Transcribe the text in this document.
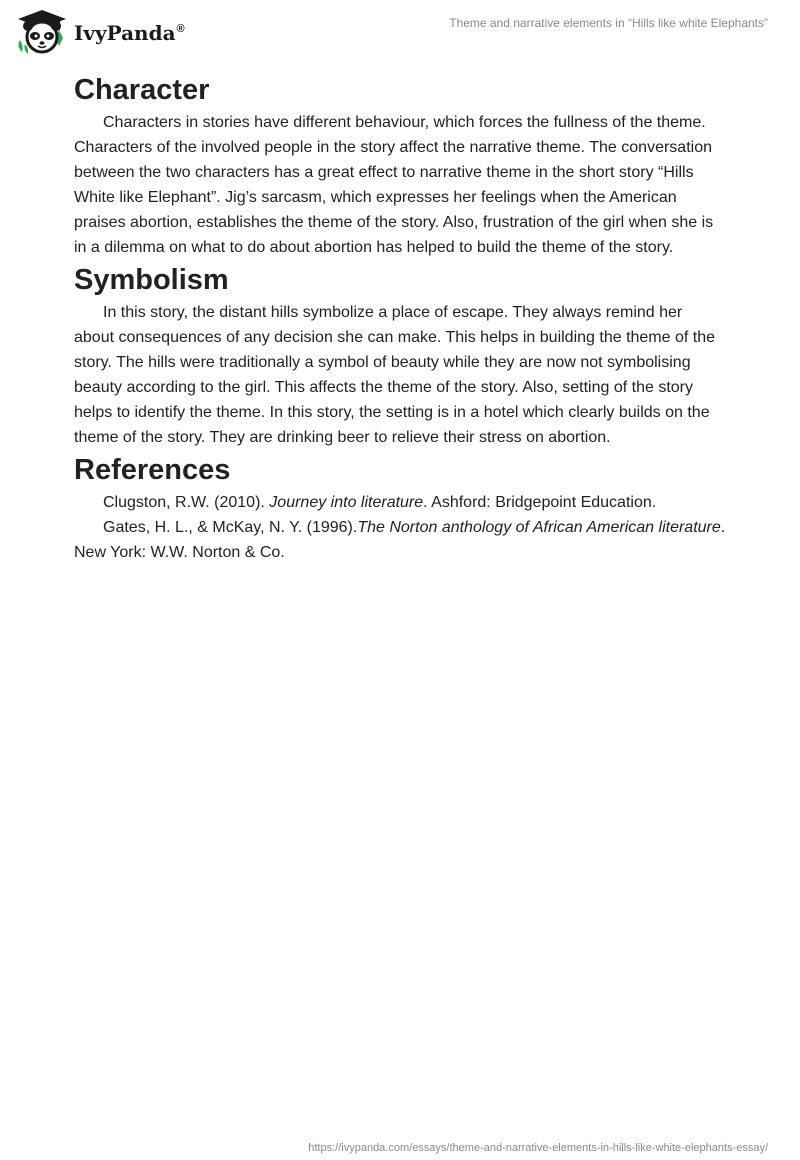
IvyPanda®	Theme and narrative elements in “Hills like white Elephants”
Character

Characters in stories have different behaviour, which forces the fullness of the theme. Characters of the involved people in the story affect the narrative theme. The conversation between the two characters has a great effect to narrative theme in the short story “Hills White like Elephant”. Jig’s sarcasm, which expresses her feelings when the American praises abortion, establishes the theme of the story. Also, frustration of the girl when she is in a dilemma on what to do about abortion has helped to build the theme of the story.

Symbolism

In this story, the distant hills symbolize a place of escape. They always remind her about consequences of any decision she can make. This helps in building the theme of the story. The hills were traditionally a symbol of beauty while they are now not symbolising beauty according to the girl. This affects the theme of the story. Also, setting of the story helps to identify the theme. In this story, the setting is in a hotel which clearly builds on the theme of the story. They are drinking beer to relieve their stress on abortion.

References

Clugston, R.W. (2010). Journey into literature. Ashford: Bridgepoint Education.

Gates, H. L., & McKay, N. Y. (1996).The Norton anthology of African American literature. New York: W.W. Norton & Co.

https://ivypanda.com/essays/theme-and-narrative-elements-in-hills-like-white-elephants-essay/
